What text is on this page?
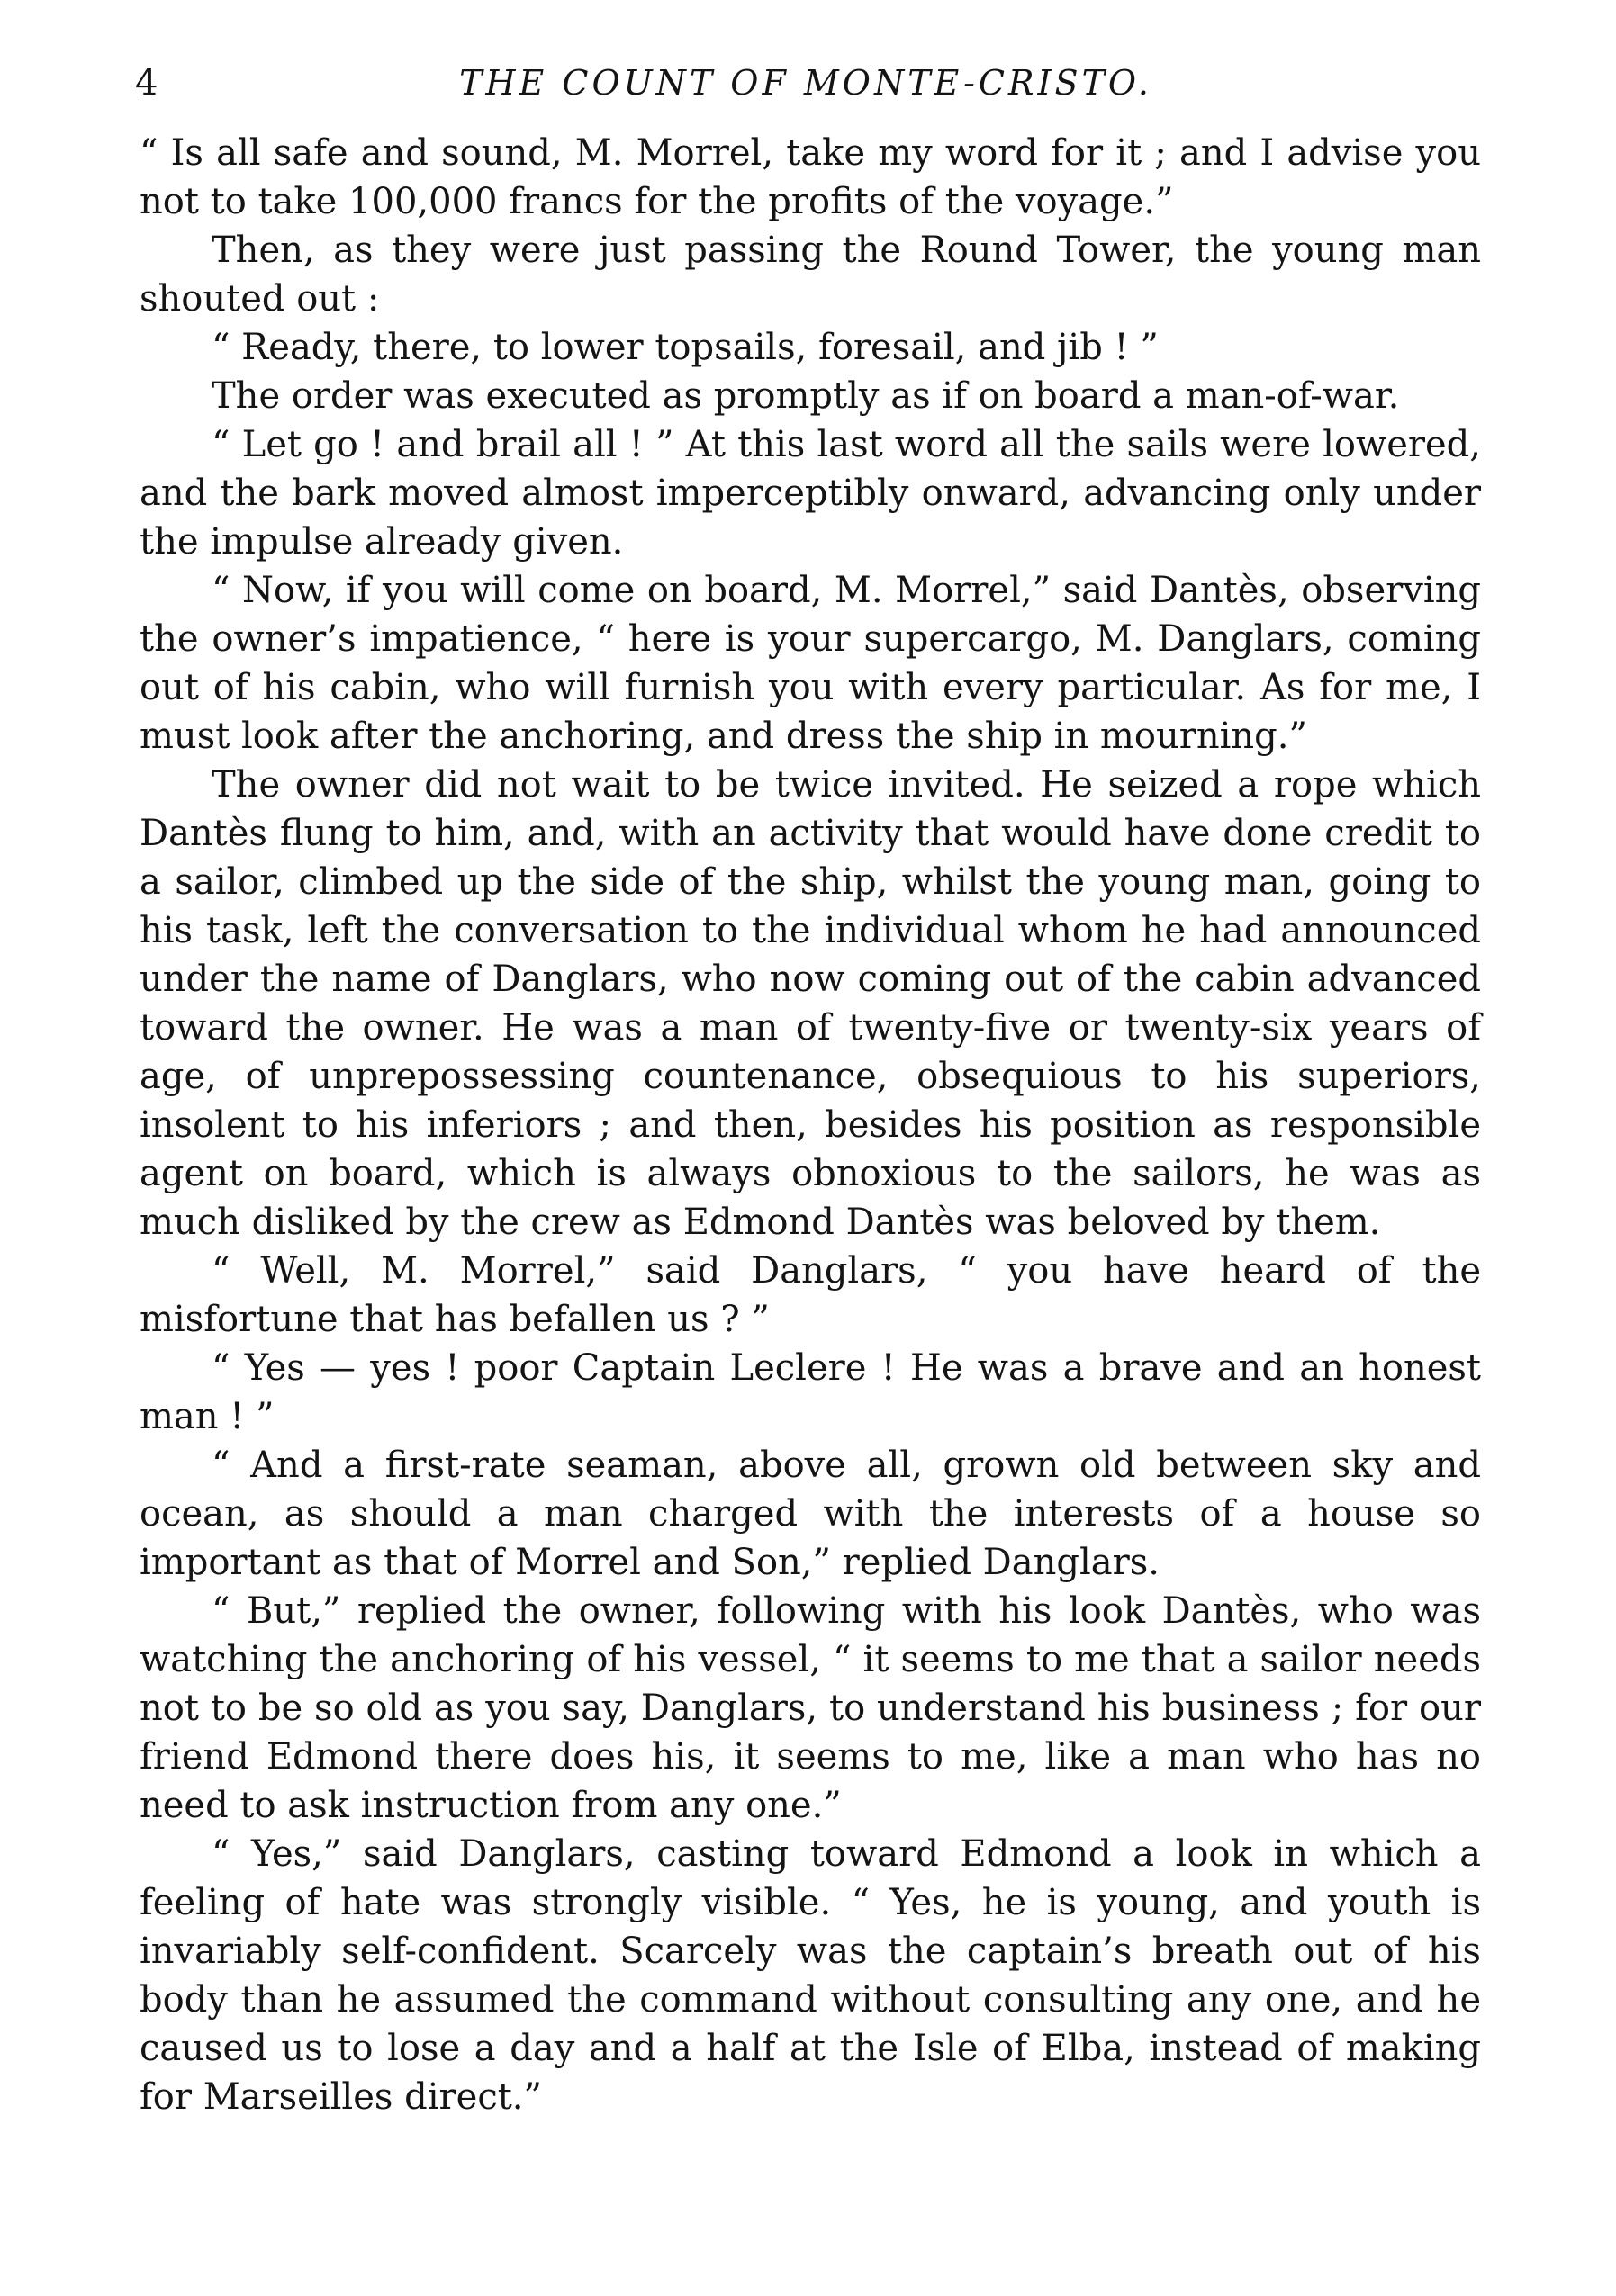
4	THE COUNT OF MONTE-CRISTO.

“ Is all safe and sound, M. Morrel, take my word for it ; and I advise you not to take 100,000 francs for the profits of the voyage.”

Then, as they were just passing the Round Tower, the young man shouted out :

“ Ready, there, to lower topsails, foresail, and jib ! ”

The order was executed as promptly as if on board a man-of-war.

“ Let go ! and brail all ! ” At this last word all the sails were lowered, and the bark moved almost imperceptibly onward, advancing only under the impulse already given.

“ Now, if you will come on board, M. Morrel,” said Dantès, observing the owner’s impatience, “ here is your supercargo, M. Danglars, coming out of his cabin, who will furnish you with every particular. As for me, I must look after the anchoring, and dress the ship in mourning.”

The owner did not wait to be twice invited. He seized a rope which Dantès flung to him, and, with an activity that would have done credit to a sailor, climbed up the side of the ship, whilst the young man, going to his task, left the conversation to the individual whom he had announced under the name of Danglars, who now coming out of the cabin advanced toward the owner. He was a man of twenty-five or twenty-six years of age, of unprepossessing countenance, obsequious to his superiors, insolent to his inferiors ; and then, besides his position as responsible agent on board, which is always obnoxious to the sailors, he was as much disliked by the crew as Edmond Dantès was beloved by them.

“ Well, M. Morrel,” said Danglars, “ you have heard of the misfortune that has befallen us ? ”

“ Yes — yes ! poor Captain Leclere ! He was a brave and an honest man ! ”

“ And a first-rate seaman, above all, grown old between sky and ocean, as should a man charged with the interests of a house so important as that of Morrel and Son,” replied Danglars.

“ But,” replied the owner, following with his look Dantès, who was watching the anchoring of his vessel, “ it seems to me that a sailor needs not to be so old as you say, Danglars, to understand his business ; for our friend Edmond there does his, it seems to me, like a man who has no need to ask instruction from any one.”

“ Yes,” said Danglars, casting toward Edmond a look in which a feeling of hate was strongly visible. “ Yes, he is young, and youth is invariably self-confident. Scarcely was the captain’s breath out of his body than he assumed the command without consulting any one, and he caused us to lose a day and a half at the Isle of Elba, instead of making for Marseilles direct.”
